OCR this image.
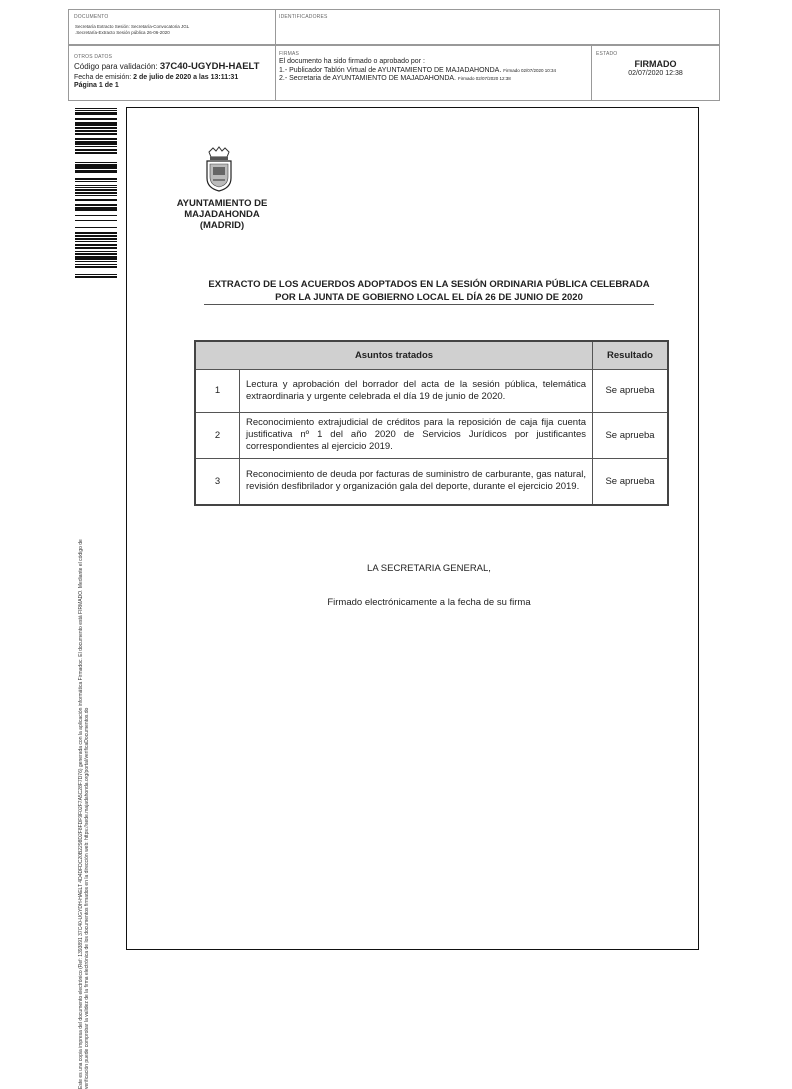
DOCUMENTO
Secretaría Extracto Sesión: Secretaría-Convocatoria JGL
.Secretaría-Extracto Sesión pública 26-06-2020
IDENTIFICADORES
OTROS DATOS
Código para validación: 37C40-UGYDH-HAELT
Fecha de emisión: 2 de julio de 2020 a las 13:11:31
Página 1 de 1
FIRMAS
El documento ha sido firmado o aprobado por :
1.- Publicador Tablón Virtual de AYUNTAMIENTO DE MAJADAHONDA. Firmado 02/07/2020 10:34
2.- Secretaria de AYUNTAMIENTO DE MAJADAHONDA. Firmado 02/07/2020 12:38
ESTADO
FIRMADO
02/07/2020 12:38
Este es una copia impresa del documento electrónico (Ref: 1393891 37C40-UGYDH-HAELT 4D4DFDC20B2298D2F8FDF9F02F7A5C28F7D76) generada con la aplicación informática Firmadoc. El documento está FIRMADO. Mediante el código de verificación puede comprobar la validez de la firma electrónica de los documentos firmados en la dirección web: https://sede.majadahonda.org/portal/verificaDocumentos.do
AYUNTAMIENTO DE
MAJADAHONDA
(MADRID)
EXTRACTO DE LOS ACUERDOS ADOPTADOS EN LA SESIÓN ORDINARIA PÚBLICA CELEBRADA
POR LA JUNTA DE GOBIERNO LOCAL EL DÍA 26 DE JUNIO DE 2020
Asuntos tratados		Resultado
1	Lectura y aprobación del borrador del acta de la sesión pública, telemática extraordinaria y urgente celebrada el día 19 de junio de 2020.	Se aprueba
2	Reconocimiento extrajudicial de créditos para la reposición de caja fija cuenta justificativa nº 1 del año 2020 de Servicios Jurídicos por justificantes correspondientes al ejercicio 2019.	Se aprueba
3	Reconocimiento de deuda por facturas de suministro de carburante, gas natural, revisión desfibrilador y organización gala del deporte, durante el ejercicio 2019.	Se aprueba
LA SECRETARIA GENERAL,
Firmado electrónicamente a la fecha de su firma
